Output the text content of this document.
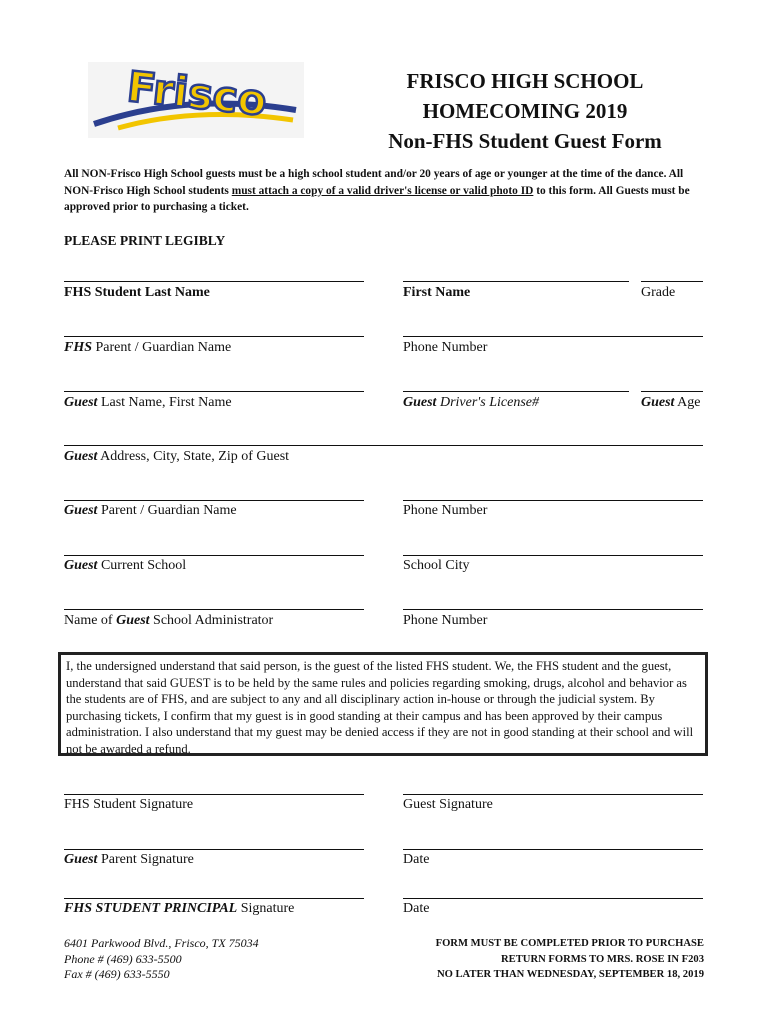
Frisco	FRISCO HIGH SCHOOL
HOMECOMING 2019
Non-FHS Student Guest Form
All NON-Frisco High School guests must be a high school student and/or 20 years of age or younger at the time of the dance. All NON-Frisco High School students must attach a copy of a valid driver's license or valid photo ID to this form. All Guests must be approved prior to purchasing a ticket.
PLEASE PRINT LEGIBLY
FHS Student Last Name	First Name	Grade
FHS Parent / Guardian Name	Phone Number
Guest Last Name, First Name	Guest Driver's License#	Guest Age
Guest Address, City, State, Zip of Guest
Guest Parent / Guardian Name	Phone Number
Guest Current School	School City
Name of Guest School Administrator	Phone Number
I, the undersigned understand that said person, is the guest of the listed FHS student. We, the FHS student and the guest, understand that said GUEST is to be held by the same rules and policies regarding smoking, drugs, alcohol and behavior as the students are of FHS, and are subject to any and all disciplinary action in-house or through the judicial system. By purchasing tickets, I confirm that my guest is in good standing at their campus and has been approved by their campus administration. I also understand that my guest may be denied access if they are not in good standing at their school and will not be awarded a refund.
FHS Student Signature	Guest Signature
Guest Parent Signature	Date
FHS STUDENT PRINCIPAL Signature	Date
6401 Parkwood Blvd., Frisco, TX 75034
Phone # (469) 633-5500
Fax # (469) 633-5550
FORM MUST BE COMPLETED PRIOR TO PURCHASE
RETURN FORMS TO MRS. ROSE IN F203
NO LATER THAN WEDNESDAY, SEPTEMBER 18, 2019
